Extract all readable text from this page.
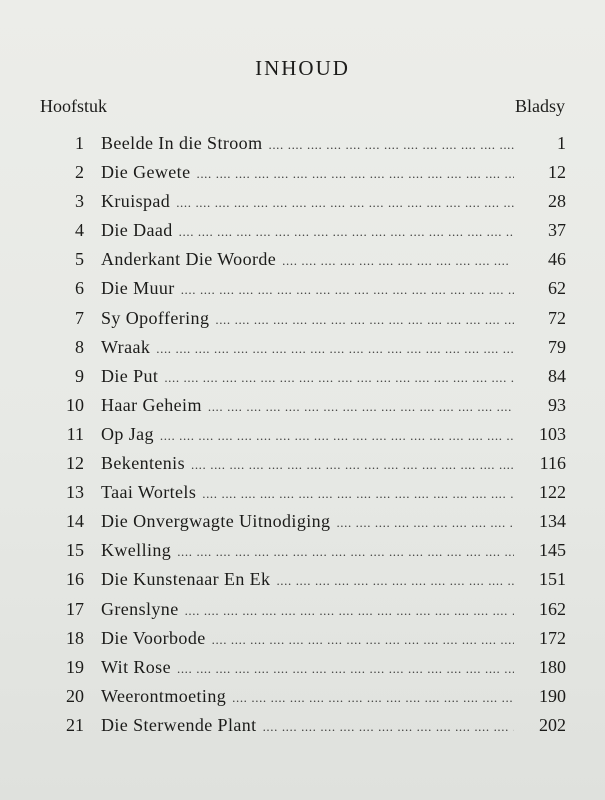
INHOUD
Hoofstuk	Bladsy
1 Beelde In die Stroom ....	1
2 Die Gewete ....	12
3 Kruispad ....	28
4 Die Daad ....	37
5 Anderkant Die Woorde ....	46
6 Die Muur ....	62
7 Sy Opoffering ....	72
8 Wraak ....	79
9 Die Put ....	84
10 Haar Geheim ....	93
11 Op Jag ....	103
12 Bekentenis ....	116
13 Taai Wortels ....	122
14 Die Onvergwagte Uitnodiging ....	134
15 Kwelling ....	145
16 Die Kunstenaar En Ek ....	151
17 Grenslyne ....	162
18 Die Voorbode ....	172
19 Wit Rose ....	180
20 Weerontmoeting ....	190
21 Die Sterwende Plant ....	202
